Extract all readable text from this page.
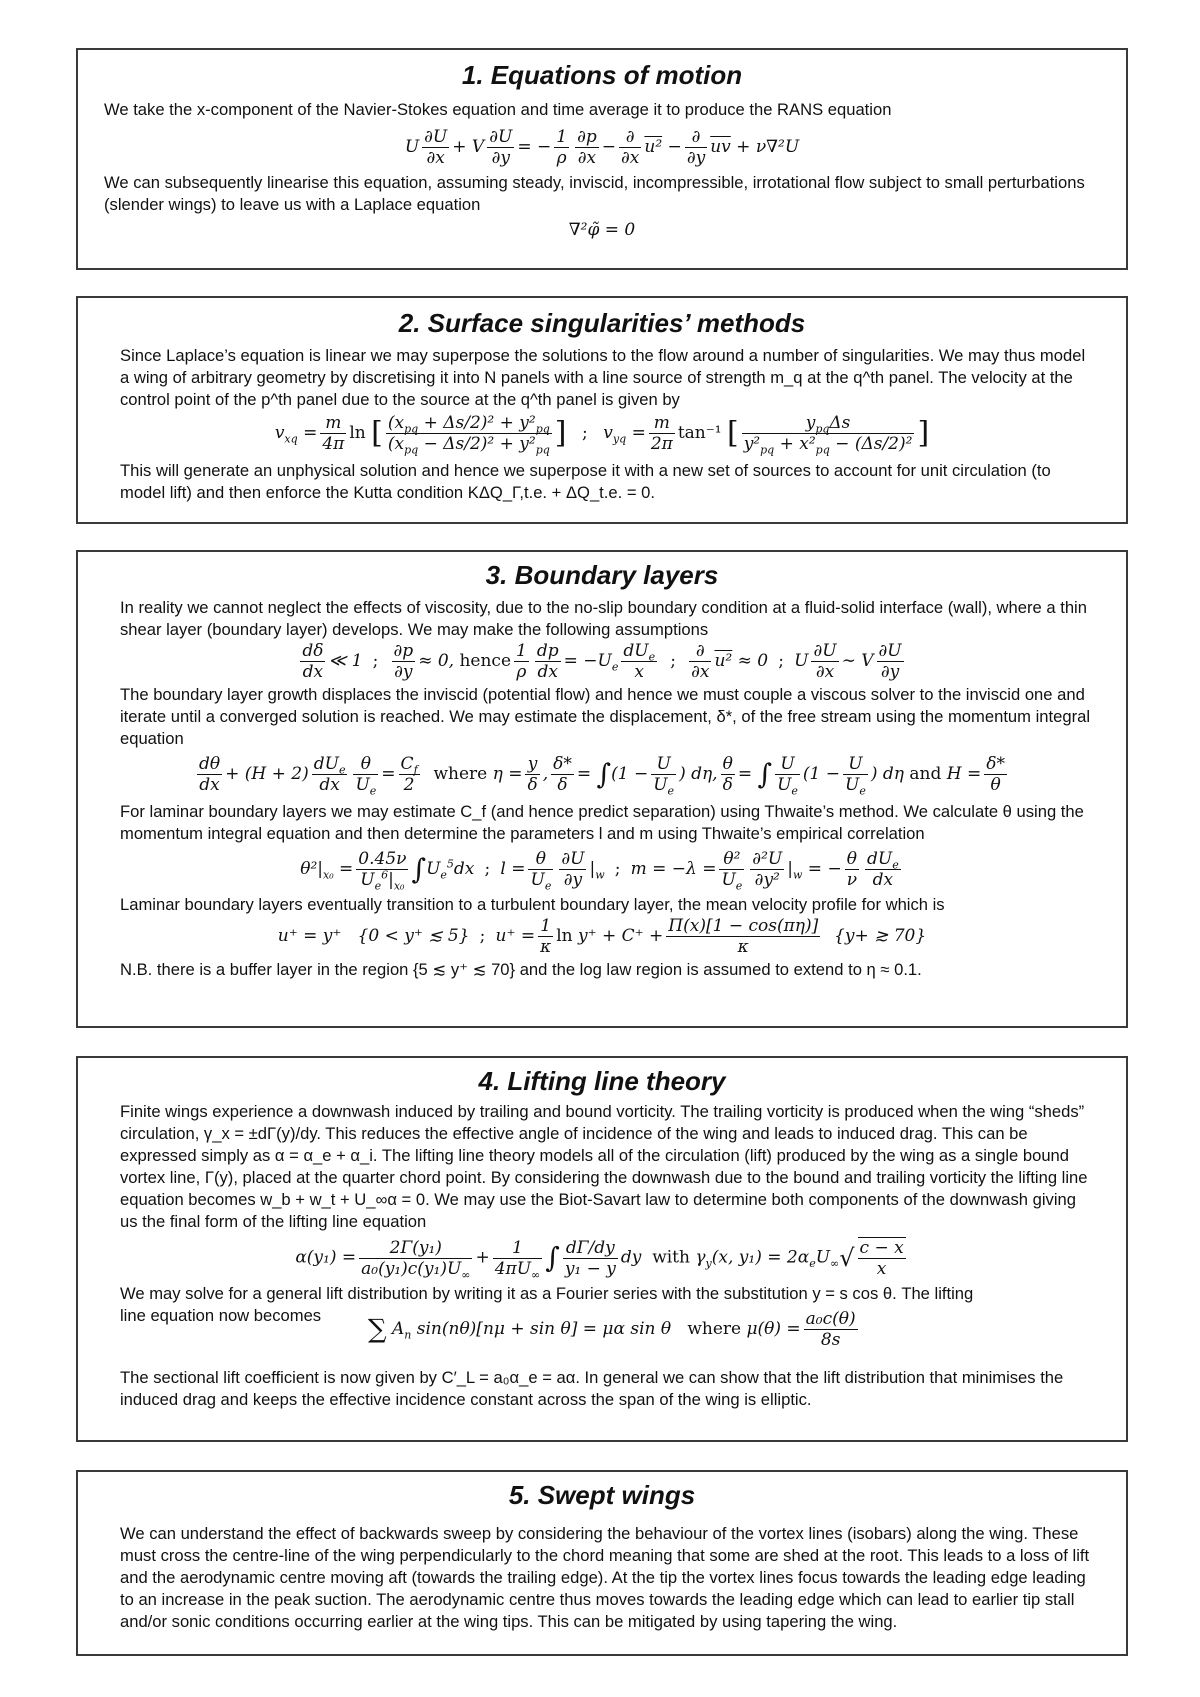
1. Equations of motion

We take the x-component of the Navier-Stokes equation and time average it to produce the RANS equation

U $\frac{\partial U}{\partial x} + V \frac{\partial U}{\partial y}$ = − $\frac{1}{\rho} \frac{\partial p}{\partial x} - \frac{\partial}{\partial x} u^2 - \frac{\partial}{\partial y} \overline{uv} + \nu\nabla^2U$

We can subsequently linearise this equation, assuming steady, inviscid, incompressible, irrotational flow subject to small perturbations (slender wings) to leave us with a Laplace equation

∇²φ̃ = 0
2. Surface singularities’ methods

Since Laplace’s equation is linear we may superpose the solutions to the flow around a number of singularities. We may thus model a wing of arbitrary geometry by discretising it into N panels with a line source of strength m_q at the q^th panel. The velocity at the control point of the p^th panel due to the source at the q^th panel is given by

$v_{xq} = \frac{m}{4\pi}$ ln [ $\frac{(x_{pq} + \Delta s/2)^2 + y^2_{pq}}{(x_{pq} - \Delta s/2)^2 + y^2_{pq}}$ ] ; $v_{yq} = \frac{m}{2\pi} \tan^{-1}$ [ $\frac{y_{pq}\Delta s}{y^2_{pq} + x^2_{pq} - (\Delta s/2)^2}$ ]

This will generate an unphysical solution and hence we superpose it with a new set of sources to account for unit circulation (to model lift) and then enforce the Kutta condition KΔQ_Γ,t.e. + ΔQ_t.e. = 0.

3. Boundary layers

In reality we cannot neglect the effects of viscosity, due to the no-slip boundary condition at a fluid-solid interface (wall), where a thin shear layer (boundary layer) develops. We may make the following assumptions

$\frac{d\delta}{dx}$ ≪ 1 ; $\frac{\partial p}{\partial y} \approx 0$, hence $\frac{1}{\rho} \frac{dp}{dx} = -U_e \frac{dU_e}{x}$ ; $\frac{\partial}{\partial x} u^2 \approx 0$ ; U $\frac{\partial U}{\partial x}$ ∼ V $\frac{\partial U}{\partial y}$

The boundary layer growth displaces the inviscid (potential flow) and hence we must couple a viscous solver to the inviscid one and iterate until a converged solution is reached. We may estimate the displacement, δ*, of the free stream using the momentum integral equation

$\frac{d\theta}{dx} + (H + 2) \frac{dU_e}{dx} \frac{\theta}{U_e} = \frac{C_f}{2}$ where $\eta = \frac{y}{\delta}$ , $\frac{\delta*}{\delta} = \int(1 - \frac{U}{U_e}$ ) dη, $\frac{\theta}{\delta}$ = ∫ $\frac{U}{U_e} (1 - \frac{U}{U_e}$ ) dη and $H = \frac{\delta*}{\theta}$

For laminar boundary layers we may estimate C_f (and hence predict separation) using Thwaite’s method. We calculate θ using the momentum integral equation and then determine the parameters l and m using Thwaite’s empirical correlation

$\theta^2|_{x_0} = \frac{0.45\nu}{U_e^6|_{x_0}} \int U_e^5dx$ ; $l = \frac{\theta}{U_e} \frac{\partial U}{\partial y} |_w$ ; $m = -\lambda = \frac{\text{θ²}}{U_e} \frac{\text{∂²U}}{\text{∂y²}} |_w$ = − $\frac{\theta}{\nu} \frac{dU_e}{dx}$

Laminar boundary layers eventually transition to a turbulent boundary layer, the mean velocity profile for which is

u⁺ = y⁺   {0 < y⁺ ≲ 5} ; $u^+ = \frac{1}{\kappa}$ $\ln y^+ + C^+ + \frac{\Pi(x)[1 - \cos(\pi\eta)]}{\kappa} \{y+$ ≳ 70}

N.B. there is a buffer layer in the region {5 ≲ y⁺ ≲ 70} and the log law region is assumed to extend to η ≈ 0.1.

4. Lifting line theory

Finite wings experience a downwash induced by trailing and bound vorticity. The trailing vorticity is produced when the wing “sheds” circulation, γ_x = ±dΓ(y)/dy. This reduces the effective angle of incidence of the wing and leads to induced drag. This can be expressed simply as α = α_e + α_i. The lifting line theory models all of the circulation (lift) produced by the wing as a single bound vortex line, Γ(y), placed at the quarter chord point. By considering the downwash due to the bound and trailing vorticity the lifting line equation becomes w_b + w_t + U_∞α = 0. We may use the Biot-Savart law to determine both components of the downwash giving us the final form of the lifting line equation

$\alpha(y_1) = \frac{\text{2Γ(y₁)}}{a_0(y_1)c(y_1)U_\infty} + \frac{1}{4\pi U_\infty}$ ∫ $\frac{d\Gamma/dy}{\text{y₁ − y}}$ dy  with $\gamma_y(x$, $y_1) = 2\alpha_eU_\infty√ \frac{c - x}{x}$

We may solve for a general lift distribution by writing it as a Fourier series with the substitution y = s cos θ. The lifting

line equation now becomes ∑ $A_n$ sin(nθ)[nμ + sin θ] = μα sin θ   where $\mu(\theta) = \frac{\text{a₀c(θ)}}{8s}$

The sectional lift coefficient is now given by C′_L = a₀α_e = aα. In general we can show that the lift distribution that minimises the induced drag and keeps the effective incidence constant across the span of the wing is elliptic.

5. Swept wings

We can understand the effect of backwards sweep by considering the behaviour of the vortex lines (isobars) along the wing. These must cross the centre-line of the wing perpendicularly to the chord meaning that some are shed at the root. This leads to a loss of lift and the aerodynamic centre moving aft (towards the trailing edge). At the tip the vortex lines focus towards the leading edge leading to an increase in the peak suction. The aerodynamic centre thus moves towards the leading edge which can lead to earlier tip stall and/or sonic conditions occurring earlier at the wing tips. This can be mitigated by using tapering the wing.
